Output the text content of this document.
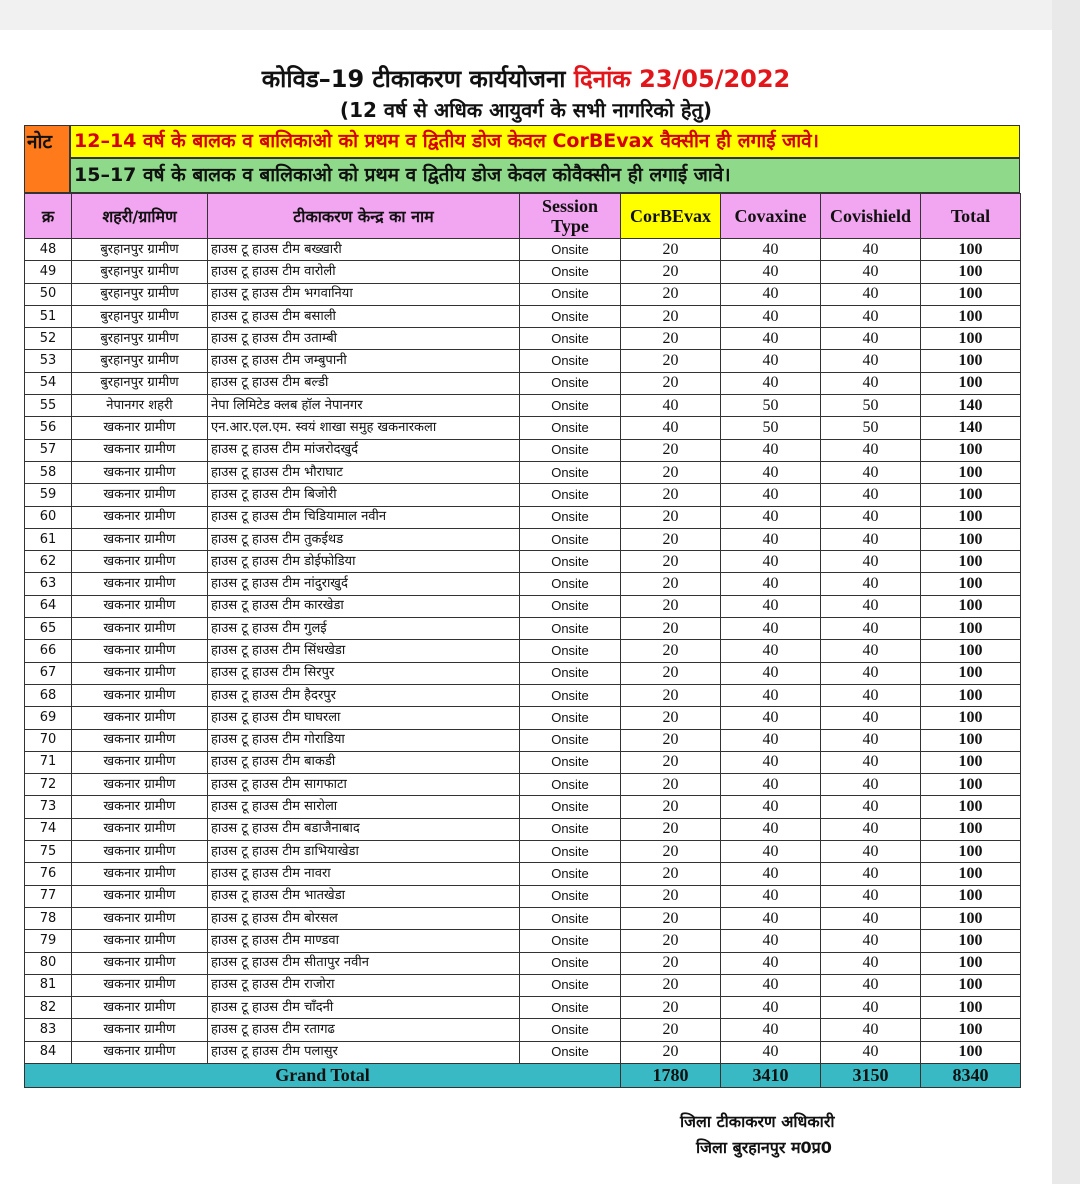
कोविड–19 टीकाकरण कार्ययोजना दिनांक 23/05/2022
(12 वर्ष से अधिक आयुवर्ग के सभी नागरिको हेतु)
नोट	12–14 वर्ष के बालक व बालिकाओ को प्रथम व द्वितीय डोज केवल CorBEvax वैक्सीन ही लगाई जावे।
15–17 वर्ष के बालक व बालिकाओ को प्रथम व द्वितीय डोज केवल कोवैक्सीन ही लगाई जावे।
क्र	शहरी/ग्रामिण	टीकाकरण केन्द्र का नाम	Session Type	CorBEvax	Covaxine	Covishield	Total
48	बुरहानपुर ग्रामीण	हाउस टू हाउस टीम बख्खारी	Onsite	20	40	40	100
49	बुरहानपुर ग्रामीण	हाउस टू हाउस टीम वारोली	Onsite	20	40	40	100
50	बुरहानपुर ग्रामीण	हाउस टू हाउस टीम भगवानिया	Onsite	20	40	40	100
51	बुरहानपुर ग्रामीण	हाउस टू हाउस टीम बसाली	Onsite	20	40	40	100
52	बुरहानपुर ग्रामीण	हाउस टू हाउस टीम उताम्बी	Onsite	20	40	40	100
53	बुरहानपुर ग्रामीण	हाउस टू हाउस टीम जम्बुपानी	Onsite	20	40	40	100
54	बुरहानपुर ग्रामीण	हाउस टू हाउस टीम बल्डी	Onsite	20	40	40	100
55	नेपानगर शहरी	नेपा लिमिटेड क्लब हॉल नेपानगर	Onsite	40	50	50	140
56	खकनार ग्रामीण	एन.आर.एल.एम. स्वयं शाखा समुह खकनारकला	Onsite	40	50	50	140
57	खकनार ग्रामीण	हाउस टू हाउस टीम मांजरोदखुर्द	Onsite	20	40	40	100
58	खकनार ग्रामीण	हाउस टू हाउस टीम भौराघाट	Onsite	20	40	40	100
59	खकनार ग्रामीण	हाउस टू हाउस टीम बिजोरी	Onsite	20	40	40	100
60	खकनार ग्रामीण	हाउस टू हाउस टीम चिडियामाल नवीन	Onsite	20	40	40	100
61	खकनार ग्रामीण	हाउस टू हाउस टीम तुकईथड	Onsite	20	40	40	100
62	खकनार ग्रामीण	हाउस टू हाउस टीम डोईफोडिया	Onsite	20	40	40	100
63	खकनार ग्रामीण	हाउस टू हाउस टीम नांदुराखुर्द	Onsite	20	40	40	100
64	खकनार ग्रामीण	हाउस टू हाउस टीम कारखेडा	Onsite	20	40	40	100
65	खकनार ग्रामीण	हाउस टू हाउस टीम गुलई	Onsite	20	40	40	100
66	खकनार ग्रामीण	हाउस टू हाउस टीम सिंधखेडा	Onsite	20	40	40	100
67	खकनार ग्रामीण	हाउस टू हाउस टीम सिरपुर	Onsite	20	40	40	100
68	खकनार ग्रामीण	हाउस टू हाउस टीम हैदरपुर	Onsite	20	40	40	100
69	खकनार ग्रामीण	हाउस टू हाउस टीम घाघरला	Onsite	20	40	40	100
70	खकनार ग्रामीण	हाउस टू हाउस टीम गोराडिया	Onsite	20	40	40	100
71	खकनार ग्रामीण	हाउस टू हाउस टीम बाकडी	Onsite	20	40	40	100
72	खकनार ग्रामीण	हाउस टू हाउस टीम सागफाटा	Onsite	20	40	40	100
73	खकनार ग्रामीण	हाउस टू हाउस टीम सारोला	Onsite	20	40	40	100
74	खकनार ग्रामीण	हाउस टू हाउस टीम बडाजैनाबाद	Onsite	20	40	40	100
75	खकनार ग्रामीण	हाउस टू हाउस टीम डाभियाखेडा	Onsite	20	40	40	100
76	खकनार ग्रामीण	हाउस टू हाउस टीम नावरा	Onsite	20	40	40	100
77	खकनार ग्रामीण	हाउस टू हाउस टीम भातखेडा	Onsite	20	40	40	100
78	खकनार ग्रामीण	हाउस टू हाउस टीम बोरसल	Onsite	20	40	40	100
79	खकनार ग्रामीण	हाउस टू हाउस टीम माण्डवा	Onsite	20	40	40	100
80	खकनार ग्रामीण	हाउस टू हाउस टीम सीतापुर नवीन	Onsite	20	40	40	100
81	खकनार ग्रामीण	हाउस टू हाउस टीम राजोरा	Onsite	20	40	40	100
82	खकनार ग्रामीण	हाउस टू हाउस टीम चाँदनी	Onsite	20	40	40	100
83	खकनार ग्रामीण	हाउस टू हाउस टीम रतागढ	Onsite	20	40	40	100
84	खकनार ग्रामीण	हाउस टू हाउस टीम पलासुर	Onsite	20	40	40	100
Grand Total				1780	3410	3150	8340
जिला टीकाकरण अधिकारी
जिला बुरहानपुर म0प्र0
